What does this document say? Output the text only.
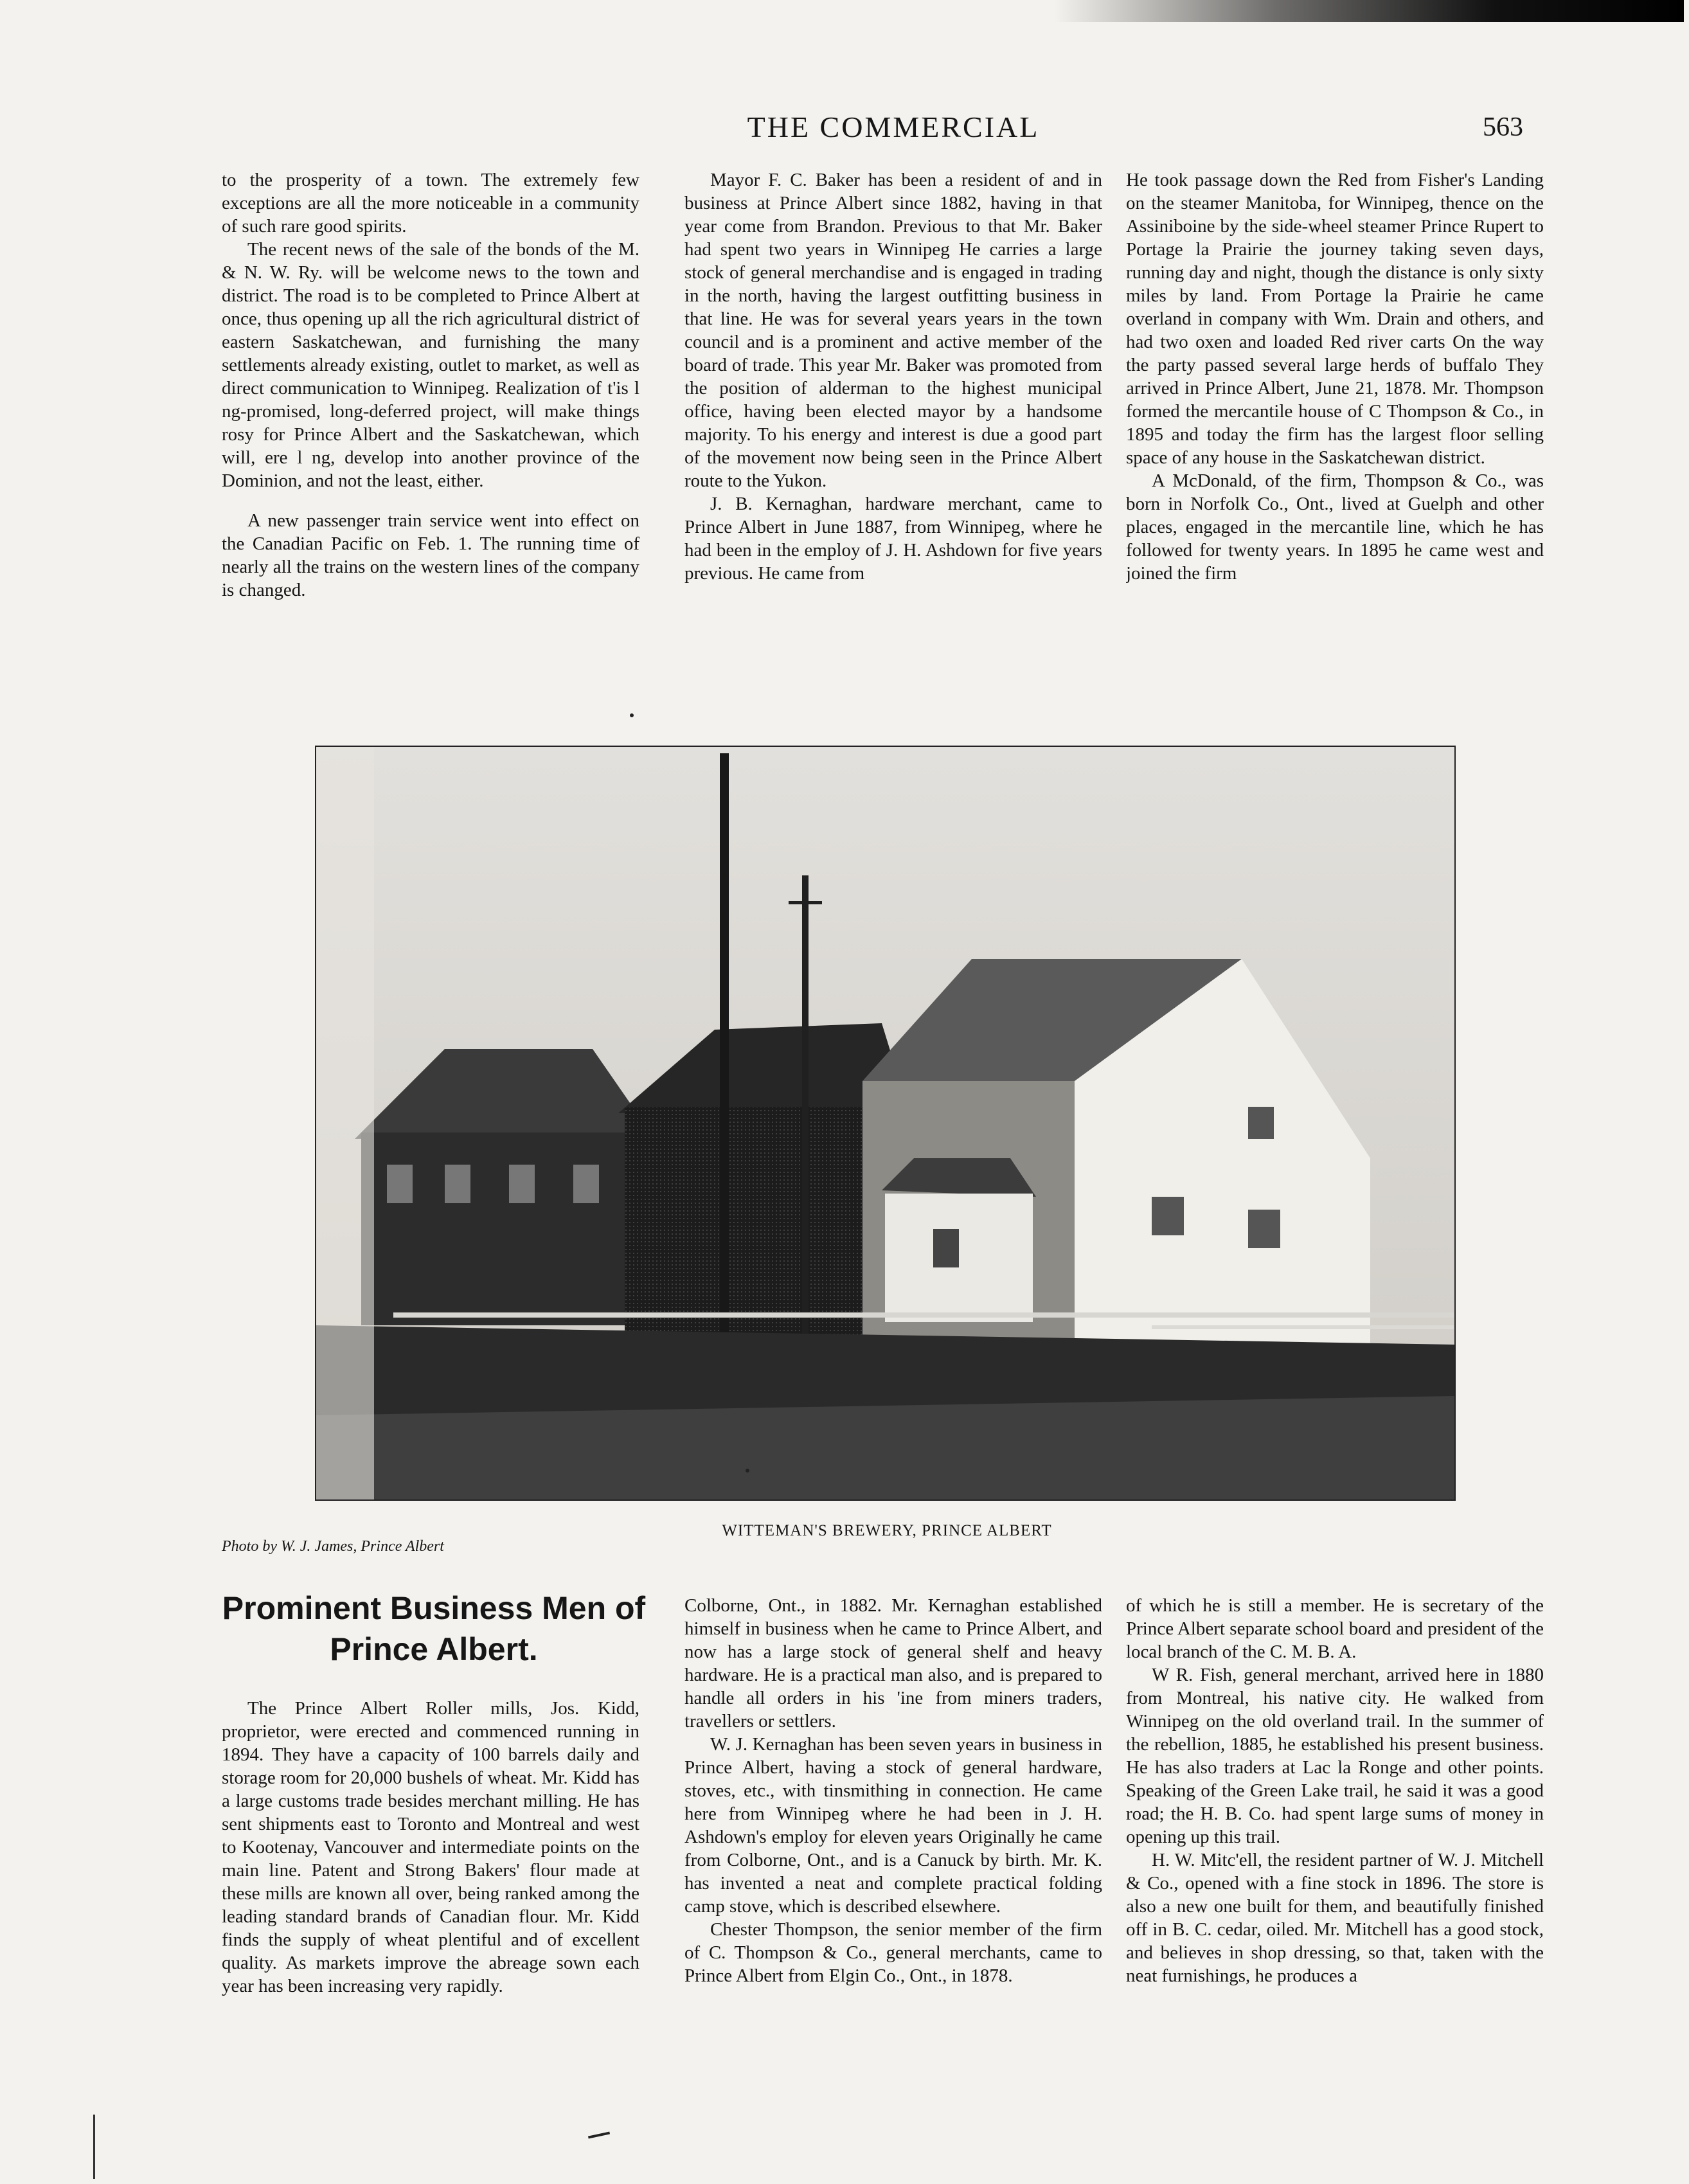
THE COMMERCIAL	563

to the prosperity of a town. The extremely few exceptions are all the more noticeable in a community of such rare good spirits.

The recent news of the sale of the bonds of the M. & N. W. Ry. will be welcome news to the town and district. The road is to be completed to Prince Albert at once, thus opening up all the rich agricultural district of eastern Saskatchewan, and furnishing the many settlements already existing, outlet to market, as well as direct communication to Winnipeg. Realization of t'is l ng-promised, long-deferred project, will make things rosy for Prince Albert and the Saskatchewan, which will, ere l ng, develop into another province of the Dominion, and not the least, either.

A new passenger train service went into effect on the Canadian Pacific on Feb. 1. The running time of nearly all the trains on the western lines of the company is changed.

Mayor F. C. Baker has been a resident of and in business at Prince Albert since 1882, having in that year come from Brandon. Previous to that Mr. Baker had spent two years in Winnipeg He carries a large stock of general merchandise and is engaged in trading in the north, having the largest outfitting business in that line. He was for several years years in the town council and is a prominent and active member of the board of trade. This year Mr. Baker was promoted from the position of alderman to the highest municipal office, having been elected mayor by a handsome majority. To his energy and interest is due a good part of the movement now being seen in the Prince Albert route to the Yukon.

J. B. Kernaghan, hardware merchant, came to Prince Albert in June 1887, from Winnipeg, where he had been in the employ of J. H. Ashdown for five years previous. He came from

He took passage down the Red from Fisher's Landing on the steamer Manitoba, for Winnipeg, thence on the Assiniboine by the side-wheel steamer Prince Rupert to Portage la Prairie the journey taking seven days, running day and night, though the distance is only sixty miles by land. From Portage la Prairie he came overland in company with Wm. Drain and others, and had two oxen and loaded Red river carts On the way the party passed several large herds of buffalo They arrived in Prince Albert, June 21, 1878. Mr. Thompson formed the mercantile house of C Thompson & Co., in 1895 and today the firm has the largest floor selling space of any house in the Saskatchewan district.

A McDonald, of the firm, Thompson & Co., was born in Norfolk Co., Ont., lived at Guelph and other places, engaged in the mercantile line, which he has followed for twenty years. In 1895 he came west and joined the firm

Photo by W. J. James, Prince Albert
WITTEMAN'S BREWERY, PRINCE ALBERT
Prominent Business Men of Prince Albert.

The Prince Albert Roller mills, Jos. Kidd, proprietor, were erected and commenced running in 1894. They have a capacity of 100 barrels daily and storage room for 20,000 bushels of wheat. Mr. Kidd has a large customs trade besides merchant milling. He has sent shipments east to Toronto and Montreal and west to Kootenay, Vancouver and intermediate points on the main line. Patent and Strong Bakers' flour made at these mills are known all over, being ranked among the leading standard brands of Canadian flour. Mr. Kidd finds the supply of wheat plentiful and of excellent quality. As markets improve the abreage sown each year has been increasing very rapidly.

Colborne, Ont., in 1882. Mr. Kernaghan established himself in business when he came to Prince Albert, and now has a large stock of general shelf and heavy hardware. He is a practical man also, and is prepared to handle all orders in his 'ine from miners traders, travellers or settlers.

W. J. Kernaghan has been seven years in business in Prince Albert, having a stock of general hardware, stoves, etc., with tinsmithing in connection. He came here from Winnipeg where he had been in J. H. Ashdown's employ for eleven years Originally he came from Colborne, Ont., and is a Canuck by birth. Mr. K. has invented a neat and complete practical folding camp stove, which is described elsewhere.

Chester Thompson, the senior member of the firm of C. Thompson & Co., general merchants, came to Prince Albert from Elgin Co., Ont., in 1878.

of which he is still a member. He is secretary of the Prince Albert separate school board and president of the local branch of the C. M. B. A.

W R. Fish, general merchant, arrived here in 1880 from Montreal, his native city. He walked from Winnipeg on the old overland trail. In the summer of the rebellion, 1885, he established his present business. He has also traders at Lac la Ronge and other points. Speaking of the Green Lake trail, he said it was a good road; the H. B. Co. had spent large sums of money in opening up this trail.

H. W. Mitc'ell, the resident partner of W. J. Mitchell & Co., opened with a fine stock in 1896. The store is also a new one built for them, and beautifully finished off in B. C. cedar, oiled. Mr. Mitchell has a good stock, and believes in shop dressing, so that, taken with the neat furnishings, he produces a
